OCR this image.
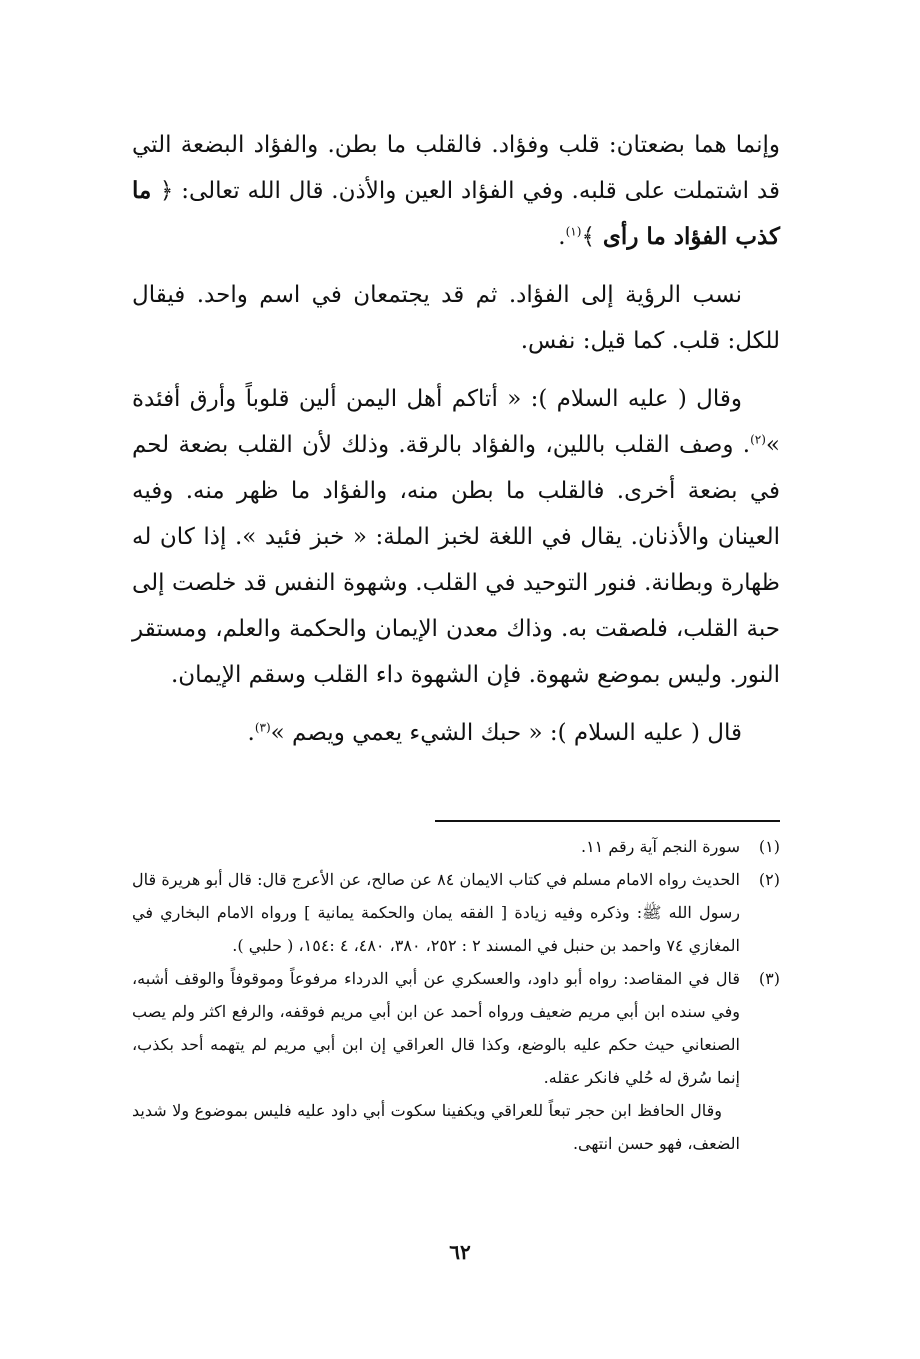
وإنما هما بضعتان: قلب وفؤاد. فالقلب ما بطن. والفؤاد البضعة التي قد اشتملت على قلبه. وفي الفؤاد العين والأذن. قال الله تعالى: ﴿ ما كذب الفؤاد ما رأى ﴾$^{(١)}$.

نسب الرؤية إلى الفؤاد. ثم قد يجتمعان في اسم واحد. فيقال للكل: قلب. كما قيل: نفس.

وقال ( عليه السلام ): « أتاكم أهل اليمن ألين قلوباً وأرق أفئدة »$^{(٢)}$. وصف القلب باللين، والفؤاد بالرقة. وذلك لأن القلب بضعة لحم في بضعة أخرى. فالقلب ما بطن منه، والفؤاد ما ظهر منه. وفيه العينان والأذنان. يقال في اللغة لخبز الملة: « خبز فئيد ». إذا كان له ظهارة وبطانة. فنور التوحيد في القلب. وشهوة النفس قد خلصت إلى حبة القلب، فلصقت به. وذاك معدن الإيمان والحكمة والعلم، ومستقر النور. وليس بموضع شهوة. فإن الشهوة داء القلب وسقم الإيمان.

قال ( عليه السلام ): « حبك الشيء يعمي ويصم »$^{(٣)}$.

(١)
سورة النجم آية رقم ١١.

(٢)
الحديث رواه الامام مسلم في كتاب الايمان ٨٤ عن صالح، عن الأعرج قال: قال أبو هريرة قال رسول الله ﷺ: وذكره وفيه زيادة [ الفقه يمان والحكمة يمانية ] ورواه الامام البخاري في المغازي ٧٤ واحمد بن حنبل في المسند ٢ : ٢٥٢، ٣٨٠، ٤٨٠، ٤ :١٥٤، ( حلبي ).

(٣)
قال في المقاصد: رواه أبو داود، والعسكري عن أبي الدرداء مرفوعاً وموقوفاً والوقف أشبه، وفي سنده ابن أبي مريم ضعيف ورواه أحمد عن ابن أبي مريم فوقفه، والرفع اكثر ولم يصب الصنعاني حيث حكم عليه بالوضع، وكذا قال العراقي إن ابن أبي مريم لم يتهمه أحد بكذب، إنما سُرق له حُلي فانكر عقله.

وقال الحافظ ابن حجر تبعاً للعراقي ويكفينا سكوت أبي داود عليه فليس بموضوع ولا شديد الضعف، فهو حسن انتهى.

٦٢
